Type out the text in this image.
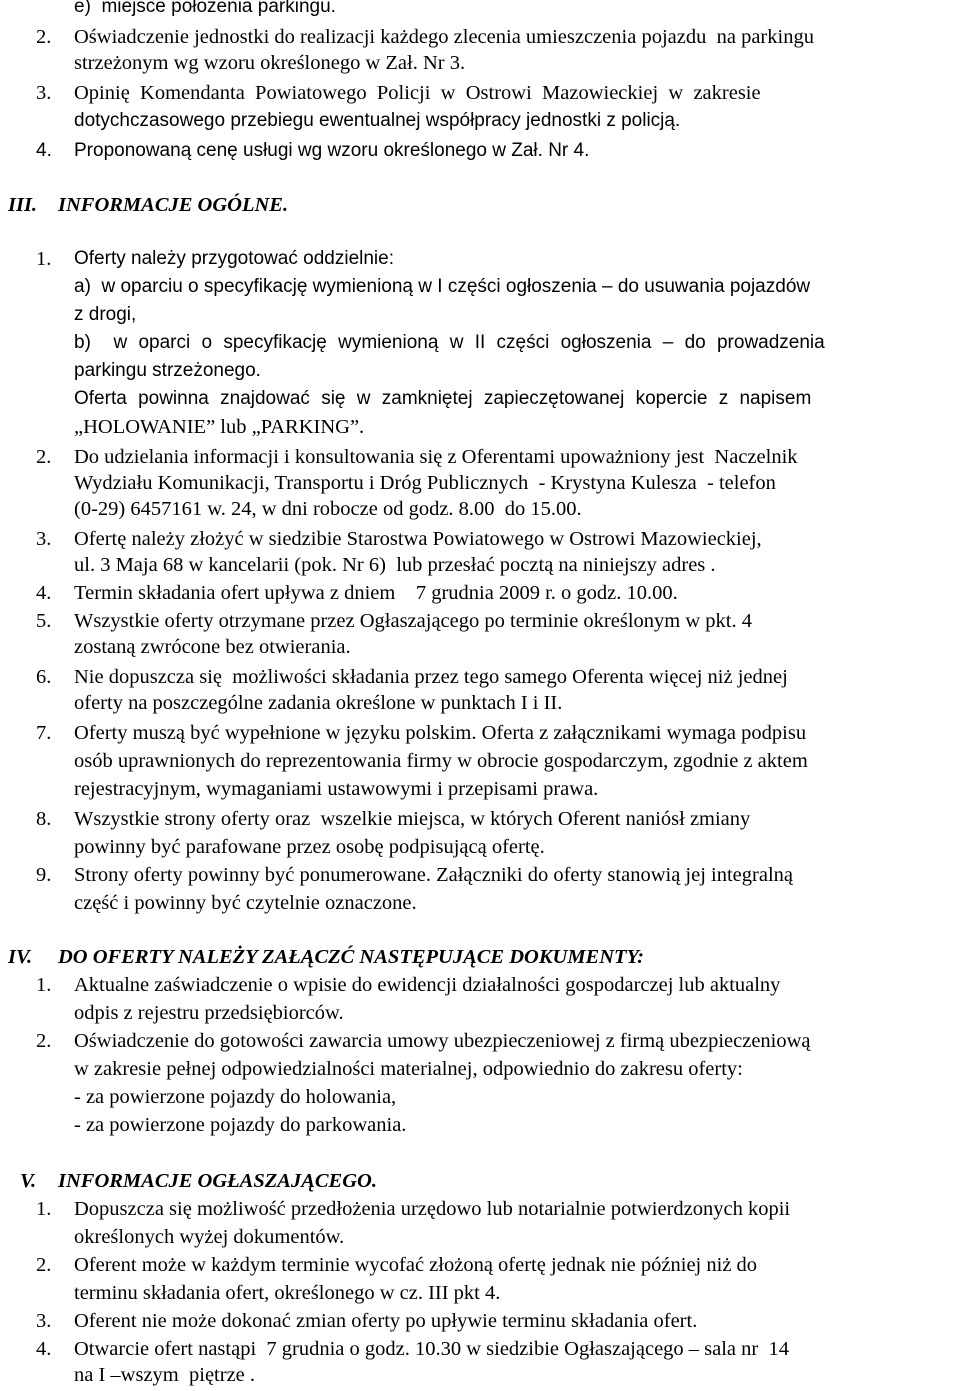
e)  miejsce położenia parkingu.
2. Oświadczenie jednostki do realizacji każdego zlecenia umieszczenia pojazdu  na parkingu
strzeżonym wg wzoru określonego w Zał. Nr 3.
3. Opinię  Komendanta  Powiatowego  Policji  w  Ostrowi  Mazowieckiej  w  zakresie
dotychczasowego przebiegu ewentualnej współpracy jednostki z policją.
4. Proponowaną cenę usługi wg wzoru określonego w Zał. Nr 4.
III. INFORMACJE OGÓLNE.
1. Oferty należy przygotować oddzielnie:
a)  w oparciu o specyfikację wymienioną w I części ogłoszenia – do usuwania pojazdów
z drogi,
b)  w oparci o specyfikację wymienioną w II części ogłoszenia – do prowadzenia
parkingu strzeżonego.
Oferta powinna znajdować się w zamkniętej zapieczętowanej kopercie z napisem
„HOLOWANIE” lub „PARKING”.
2. Do udzielania informacji i konsultowania się z Oferentami upoważniony jest  Naczelnik
Wydziału Komunikacji, Transportu i Dróg Publicznych  - Krystyna Kulesza  - telefon
(0-29) 6457161 w. 24, w dni robocze od godz. 8.00  do 15.00.
3. Ofertę należy złożyć w siedzibie Starostwa Powiatowego w Ostrowi Mazowieckiej,
ul. 3 Maja 68 w kancelarii (pok. Nr 6)  lub przesłać pocztą na niniejszy adres .
4. Termin składania ofert upływa z dniem    7 grudnia 2009 r. o godz. 10.00.
5. Wszystkie oferty otrzymane przez Ogłaszającego po terminie określonym w pkt. 4
zostaną zwrócone bez otwierania.
6. Nie dopuszcza się  możliwości składania przez tego samego Oferenta więcej niż jednej
oferty na poszczególne zadania określone w punktach I i II.
7. Oferty muszą być wypełnione w języku polskim. Oferta z załącznikami wymaga podpisu
osób uprawnionych do reprezentowania firmy w obrocie gospodarczym, zgodnie z aktem
rejestracyjnym, wymaganiami ustawowymi i przepisami prawa.
8. Wszystkie strony oferty oraz  wszelkie miejsca, w których Oferent naniósł zmiany
powinny być parafowane przez osobę podpisującą ofertę.
9. Strony oferty powinny być ponumerowane. Załączniki do oferty stanowią jej integralną
część i powinny być czytelnie oznaczone.
IV. DO OFERTY NALEŻY ZAŁĄCZĆ NASTĘPUJĄCE DOKUMENTY:
1. Aktualne zaświadczenie o wpisie do ewidencji działalności gospodarczej lub aktualny
odpis z rejestru przedsiębiorców.
2. Oświadczenie do gotowości zawarcia umowy ubezpieczeniowej z firmą ubezpieczeniową
w zakresie pełnej odpowiedzialności materialnej, odpowiednio do zakresu oferty:
- za powierzone pojazdy do holowania,
- za powierzone pojazdy do parkowania.
V. INFORMACJE OGŁASZAJĄCEGO.
1. Dopuszcza się możliwość przedłożenia urzędowo lub notarialnie potwierdzonych kopii
określonych wyżej dokumentów.
2. Oferent może w każdym terminie wycofać złożoną ofertę jednak nie później niż do
terminu składania ofert, określonego w cz. III pkt 4.
3. Oferent nie może dokonać zmian oferty po upływie terminu składania ofert.
4. Otwarcie ofert nastąpi  7 grudnia o godz. 10.30 w siedzibie Ogłaszającego – sala nr  14
na I –wszym  piętrze .
